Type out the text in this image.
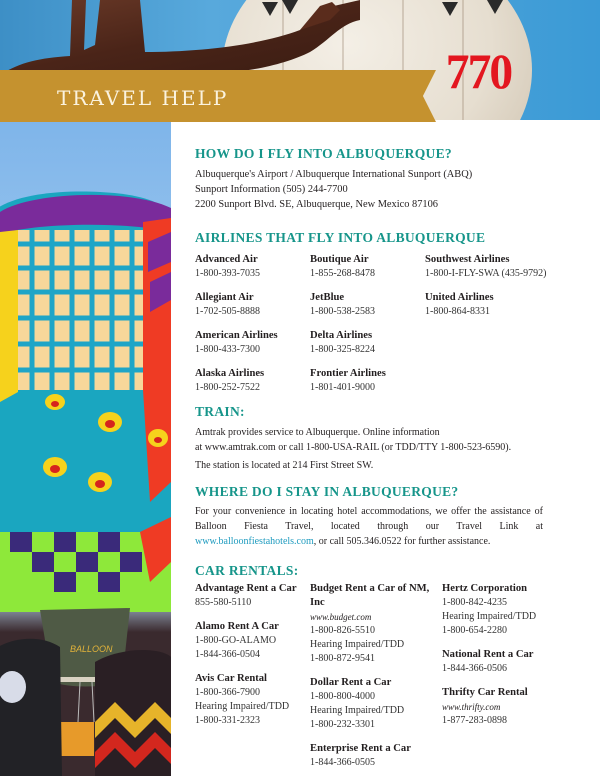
770
TRAVEL HELP
BALLOON
HOW DO I FLY INTO ALBUQUERQUE?
Albuquerque's Airport / Albuquerque International Sunport (ABQ)
Sunport Information (505) 244-7700
2200 Sunport Blvd. SE, Albuquerque, New Mexico 87106
AIRLINES THAT FLY INTO ALBUQUERQUE
Advanced Air
1-800-393-7035
Allegiant Air
1-702-505-8888
American Airlines
1-800-433-7300
Alaska Airlines
1-800-252-7522
Boutique Air
1-855-268-8478
JetBlue
1-800-538-2583
Delta Airlines
1-800-325-8224
Frontier Airlines
1-801-401-9000
Southwest Airlines
1-800-I-FLY-SWA (435-9792)
United Airlines
1-800-864-8331
TRAIN:
Amtrak provides service to Albuquerque. Online information
at www.amtrak.com or call 1-800-USA-RAIL (or TDD/TTY 1-800-523-6590).
The station is located at 214 First Street SW.
WHERE DO I STAY IN ALBUQUERQUE?

For your convenience in locating hotel accommodations, we offer the assistance of Balloon Fiesta Travel, located through our Travel Link at www.balloonfiestahotels.com, or call 505.346.0522 for further assistance.

CAR RENTALS:
Advantage Rent a Car
855-580-5110
Alamo Rent A Car
1-800-GO-ALAMO
1-844-366-0504
Avis Car Rental
1-800-366-7900
Hearing Impaired/TDD
1-800-331-2323
Budget Rent a Car of NM, Inc
www.budget.com
1-800-826-5510
Hearing Impaired/TDD
1-800-872-9541
Dollar Rent a Car
1-800-800-4000
Hearing Impaired/TDD
1-800-232-3301
Enterprise Rent a Car
1-844-366-0505
Hertz Corporation
1-800-842-4235
Hearing Impaired/TDD
1-800-654-2280
National Rent a Car
1-844-366-0506
Thrifty Car Rental
www.thrifty.com
1-877-283-0898
